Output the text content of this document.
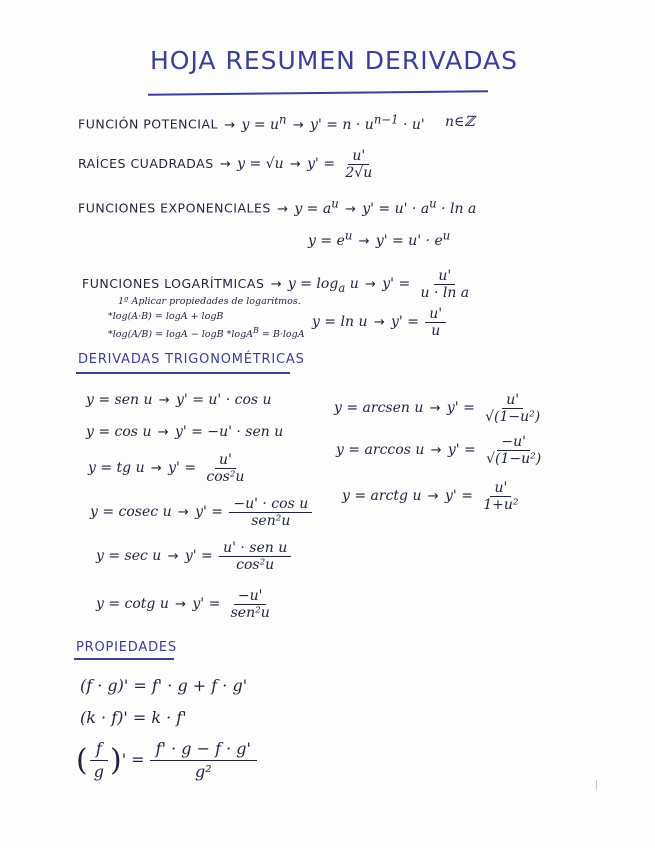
HOJA RESUMEN DERIVADAS
FUNCIÓN POTENCIAL → $y = u^n \to y' = n \cdot u^{n-1} \cdot u'$ n∈ℤ
RAÍCES CUADRADAS → $y = √u \to y' = \frac{u'}{2√u}$
FUNCIONES EXPONENCIALES → $y = a^u \to y' = u' \cdot a^u \cdot \ln a$
$y = e^u \to y' = u' \cdot e^u$
FUNCIONES LOGARÍTMICAS → $y = \log_a u \to y' = \frac{u'}{\text{u · ln a}}$
1º Aplicar propiedades de logaritmos.
*log(A·B) = logA + logB
*log(A/B) = logA − logB *logA$^B$ = B·logA
$y = \ln u \to y' = \frac{u'}{u}$
DERIVADAS TRIGONOMÉTRICAS
y = sen u → y' = u' · cos u
y = cos u → y' = −u' · sen u
y = tg $u \to y' = \frac{u'}{\text{cos²u}}$
y = cosec $u \to y' = \frac{\text{−u' · cos u}}{\text{sen²u}}$
$y = \sec u \to y' = \frac{\text{u' · sen u}}{\text{cos²u}}$
y = cotg $u \to y' = \frac{-u'}{\text{sen²u}}$
y = arcsen $u \to y' = \frac{u'}{\text{√(1−u²)}}$
$y = \arccos u \to y' = \frac{-u'}{\text{√(1−u²)}}$
y = arctg $u \to y' = \frac{u'}{\text{1+u²}}$
PROPIEDADES
(f · g)' = f' · g + f · g'
(k · f)' = k · f'
( $\frac{f}{g}$ )' = $\frac{f' \cdot g - f \cdot g'}{\text{g²}}$
